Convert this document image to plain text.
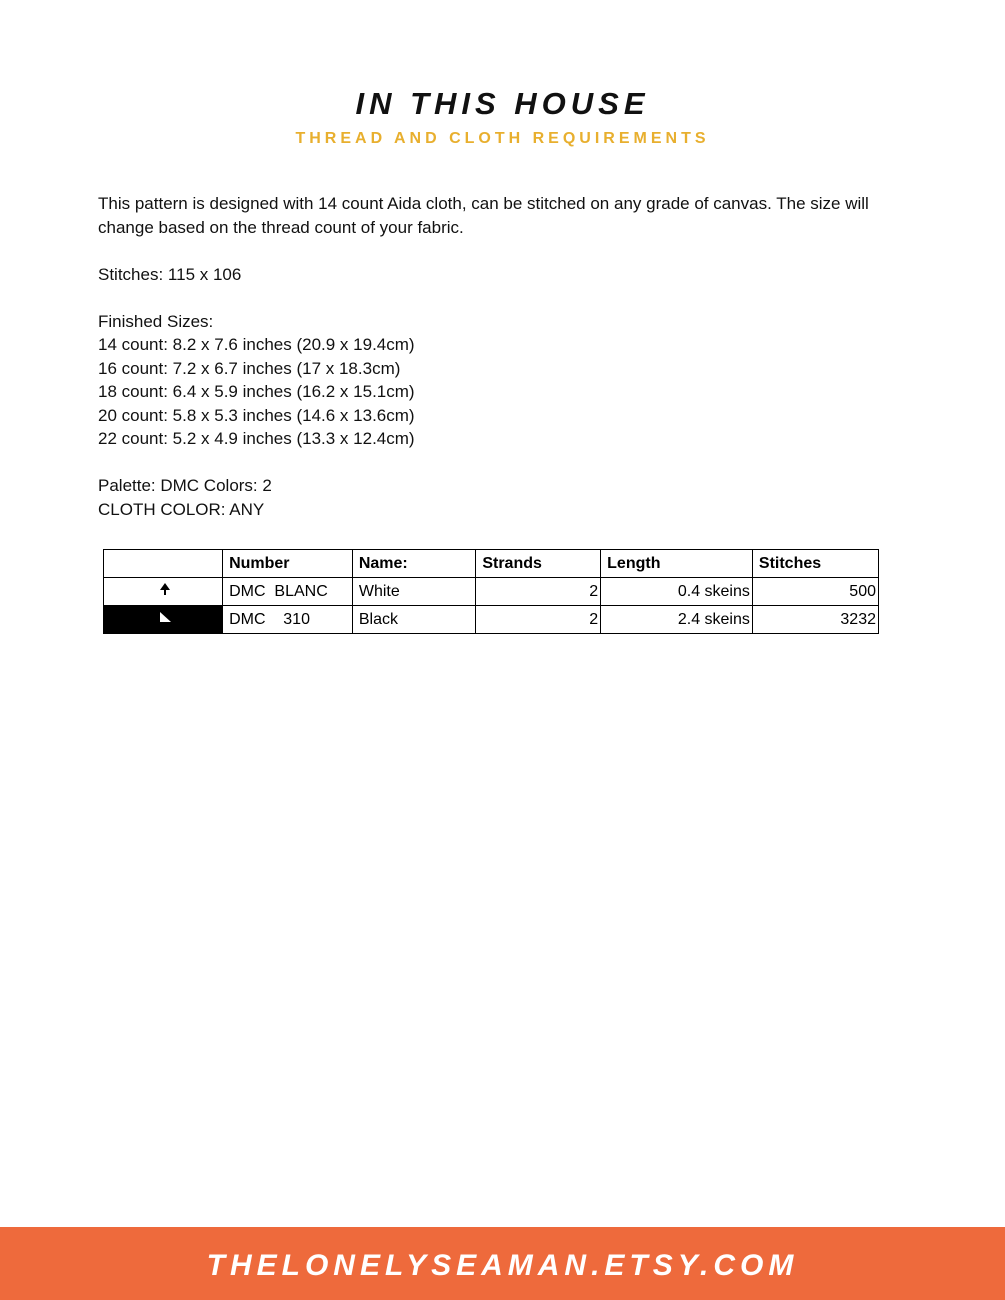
IN THIS HOUSE
THREAD AND CLOTH REQUIREMENTS

This pattern is designed with 14 count Aida cloth, can be stitched on any grade of canvas. The size will change based on the thread count of your fabric.

Stitches: 115 x 106

Finished Sizes:

14 count: 8.2 x 7.6 inches (20.9 x 19.4cm)

16 count: 7.2 x 6.7 inches (17 x 18.3cm)

18 count: 6.4 x 5.9 inches (16.2 x 15.1cm)

20 count: 5.8 x 5.3 inches (14.6 x 13.6cm)

22 count: 5.2 x 4.9 inches (13.3 x 12.4cm)

Palette: DMC Colors: 2

CLOTH COLOR: ANY

	Number	Name:	Strands	Length	Stitches
	DMC  BLANC	White	2	0.4 skeins	500
	DMC    310	Black	2	2.4 skeins	3232
THELONELYSEAMAN.ETSY.COM
